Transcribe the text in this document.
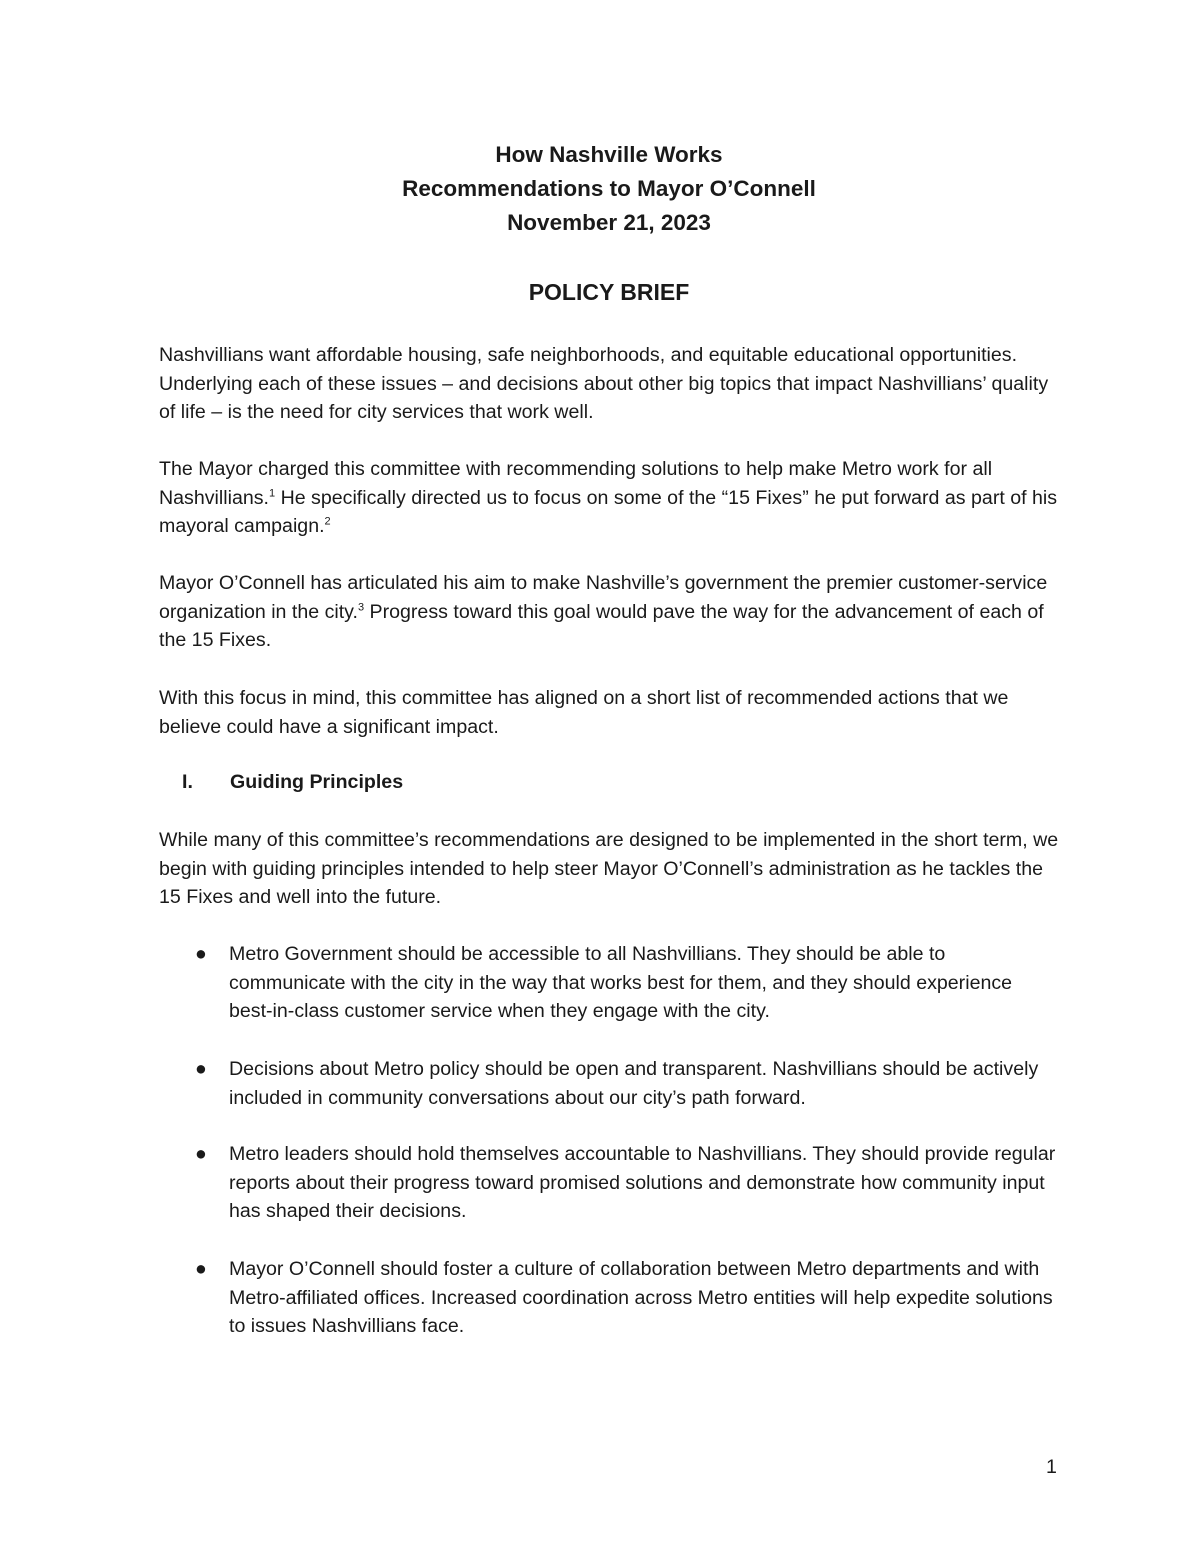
How Nashville Works
Recommendations to Mayor O’Connell
November 21, 2023
POLICY BRIEF

Nashvillians want affordable housing, safe neighborhoods, and equitable educational opportunities. Underlying each of these issues – and decisions about other big topics that impact Nashvillians’ quality of life – is the need for city services that work well.

The Mayor charged this committee with recommending solutions to help make Metro work for all Nashvillians.$^1$ He specifically directed us to focus on some of the “15 Fixes” he put forward as part of his mayoral campaign.$^2$

Mayor O’Connell has articulated his aim to make Nashville’s government the premier customer-service organization in the city.$^3$ Progress toward this goal would pave the way for the advancement of each of the 15 Fixes.

With this focus in mind, this committee has aligned on a short list of recommended actions that we believe could have a significant impact.

I. Guiding Principles

While many of this committee’s recommendations are designed to be implemented in the short term, we begin with guiding principles intended to help steer Mayor O’Connell’s administration as he tackles the 15 Fixes and well into the future.

●	Metro Government should be accessible to all Nashvillians. They should be able to communicate with the city in the way that works best for them, and they should experience best-in-class customer service when they engage with the city.
●	Decisions about Metro policy should be open and transparent. Nashvillians should be actively included in community conversations about our city’s path forward.
●	Metro leaders should hold themselves accountable to Nashvillians. They should provide regular reports about their progress toward promised solutions and demonstrate how community input has shaped their decisions.
●	Mayor O’Connell should foster a culture of collaboration between Metro departments and with Metro-affiliated offices. Increased coordination across Metro entities will help expedite solutions to issues Nashvillians face.
1
